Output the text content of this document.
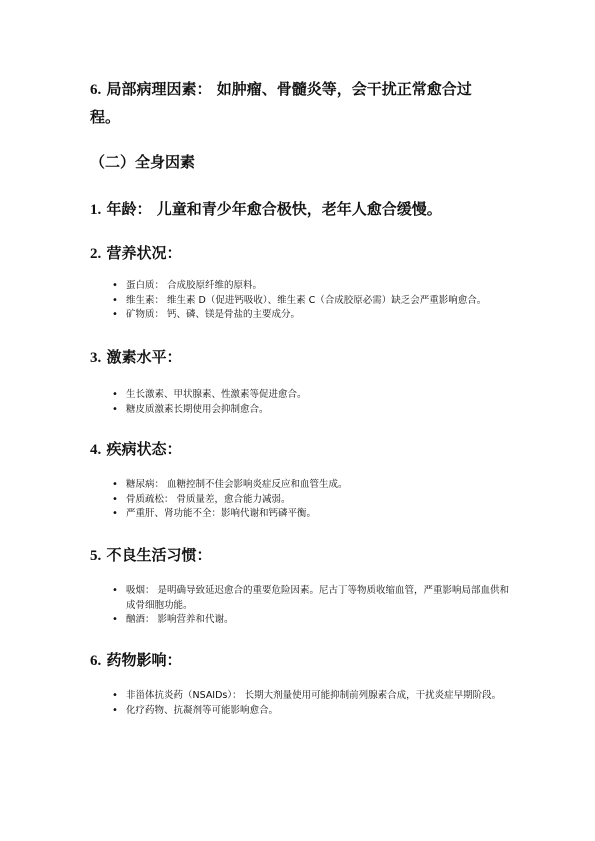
6. 局部病理因素： 如肿瘤、骨髓炎等，会干扰正常愈合过
程。

（二）全身因素

1. 年龄： 儿童和青少年愈合极快，老年人愈合缓慢。

2. 营养状况：

• 蛋白质： 合成胶原纤维的原料。
• 维生素： 维生素 D（促进钙吸收）、维生素 C（合成胶原必需）缺乏会严重影响愈合。
• 矿物质： 钙、磷、镁是骨盐的主要成分。

3. 激素水平：

• 生长激素、甲状腺素、性激素等促进愈合。
• 糖皮质激素长期使用会抑制愈合。

4. 疾病状态：

• 糖尿病： 血糖控制不佳会影响炎症反应和血管生成。
• 骨质疏松： 骨质量差，愈合能力减弱。
• 严重肝、肾功能不全：影响代谢和钙磷平衡。

5. 不良生活习惯：

• 吸烟： 是明确导致延迟愈合的重要危险因素。尼古丁等物质收缩血管，严重影响局部血供和成骨细胞功能。
• 酗酒： 影响营养和代谢。

6. 药物影响：

• 非甾体抗炎药（NSAIDs）： 长期大剂量使用可能抑制前列腺素合成，干扰炎症早期阶段。
• 化疗药物、抗凝剂等可能影响愈合。
